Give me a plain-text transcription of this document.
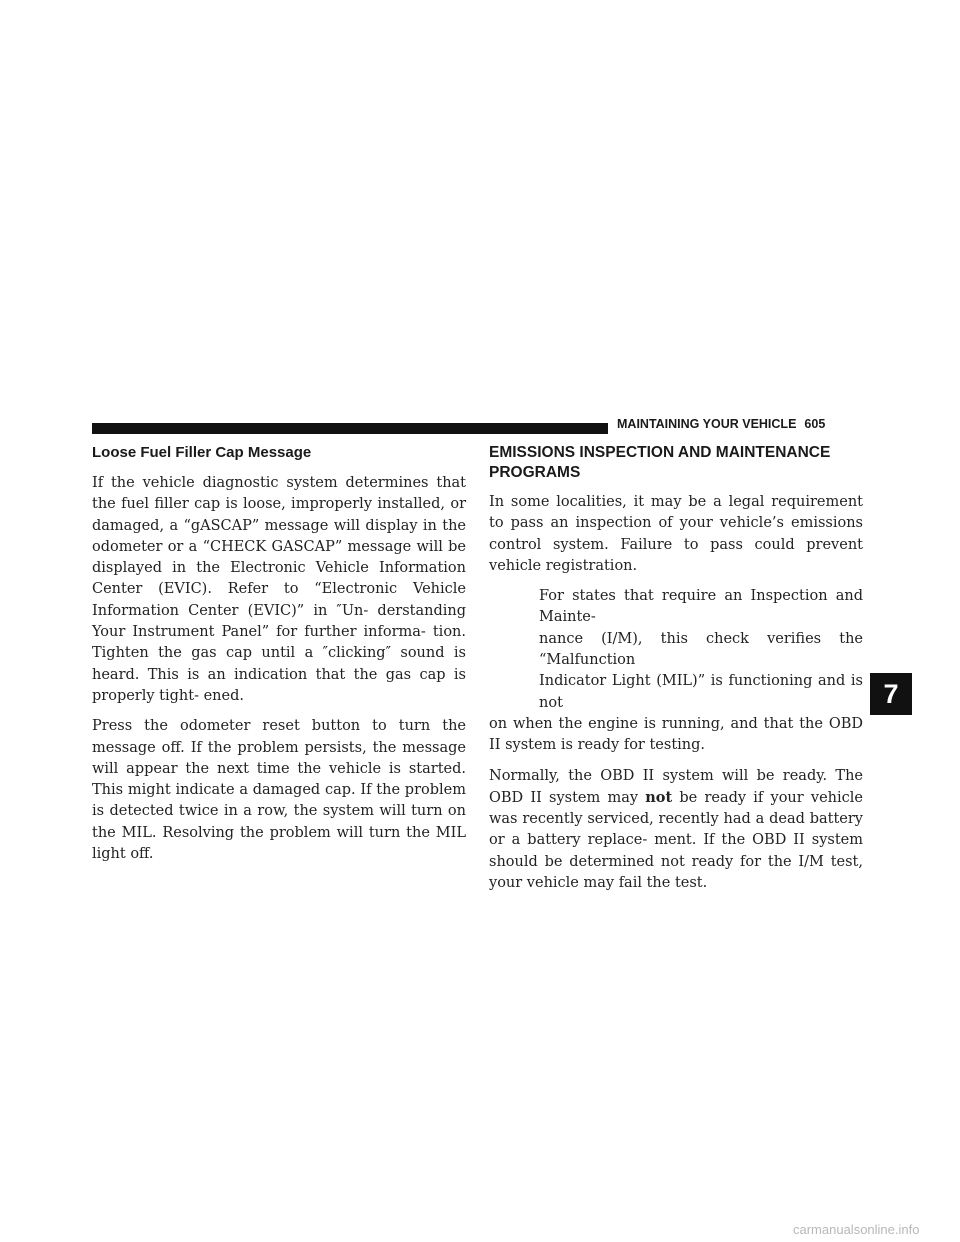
MAINTAINING YOUR VEHICLE 605
Loose Fuel Filler Cap Message

If the vehicle diagnostic system determines that the fuel filler cap is loose, improperly installed, or damaged, a “gASCAP” message will display in the odometer or a “CHECK GASCAP” message will be displayed in the Electronic Vehicle Information Center (EVIC). Refer to “Electronic Vehicle Information Center (EVIC)” in ″Un- derstanding Your Instrument Panel” for further informa- tion. Tighten the gas cap until a ″clicking″ sound is heard. This is an indication that the gas cap is properly tight- ened.

Press the odometer reset button to turn the message off. If the problem persists, the message will appear the next time the vehicle is started. This might indicate a damaged cap. If the problem is detected twice in a row, the system will turn on the MIL. Resolving the problem will turn the MIL light off.

EMISSIONS INSPECTION AND MAINTENANCE PROGRAMS

In some localities, it may be a legal requirement to pass an inspection of your vehicle’s emissions control system. Failure to pass could prevent vehicle registration.

For states that require an Inspection and Mainte-
nance (I/M), this check verifies the “Malfunction
Indicator Light (MIL)” is functioning and is not
on when the engine is running, and that the OBD II system is ready for testing.

Normally, the OBD II system will be ready. The OBD II system may not be ready if your vehicle was recently serviced, recently had a dead battery or a battery replace- ment. If the OBD II system should be determined not ready for the I/M test, your vehicle may fail the test.

7
carmanualsonline.info
